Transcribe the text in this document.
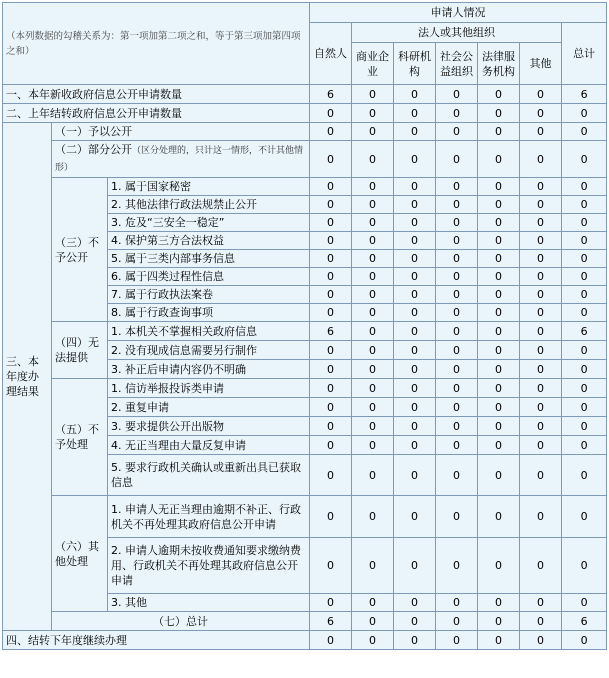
（本列数据的勾稽关系为：第一项加第二项之和，等于第三项加第四项之和）			申请人情况						
			自然人	法人或其他组织					总计
				商业企业	科研机构	社会公益组织	法律服务机构	其他	
一、本年新收政府信息公开申请数量			6	0	0	0	0	0	6
二、上年结转政府信息公开申请数量			0	0	0	0	0	0	0
三、本年度办理结果	（一）予以公开		0	0	0	0	0	0	0
	（二）部分公开（区分处理的，只计这一情形，不计其他情形）		0	0	0	0	0	0	0
	（三）不予公开	1. 属于国家秘密	0	0	0	0	0	0	0
		2. 其他法律行政法规禁止公开	0	0	0	0	0	0	0
		3. 危及“三安全一稳定”	0	0	0	0	0	0	0
		4. 保护第三方合法权益	0	0	0	0	0	0	0
		5. 属于三类内部事务信息	0	0	0	0	0	0	0
		6. 属于四类过程性信息	0	0	0	0	0	0	0
		7. 属于行政执法案卷	0	0	0	0	0	0	0
		8. 属于行政查询事项	0	0	0	0	0	0	0
	（四）无法提供	1. 本机关不掌握相关政府信息	6	0	0	0	0	0	6
		2. 没有现成信息需要另行制作	0	0	0	0	0	0	0
		3. 补正后申请内容仍不明确	0	0	0	0	0	0	0
	（五）不予处理	1. 信访举报投诉类申请	0	0	0	0	0	0	0
		2. 重复申请	0	0	0	0	0	0	0
		3. 要求提供公开出版物	0	0	0	0	0	0	0
		4. 无正当理由大量反复申请	0	0	0	0	0	0	0
		5. 要求行政机关确认或重新出具已获取信息	0	0	0	0	0	0	0
	（六）其他处理	1. 申请人无正当理由逾期不补正、行政机关不再处理其政府信息公开申请	0	0	0	0	0	0	0
		2. 申请人逾期未按收费通知要求缴纳费用、行政机关不再处理其政府信息公开申请	0	0	0	0	0	0	0
		3. 其他	0	0	0	0	0	0	0
	（七）总计		6	0	0	0	0	0	6
四、结转下年度继续办理			0	0	0	0	0	0	0
